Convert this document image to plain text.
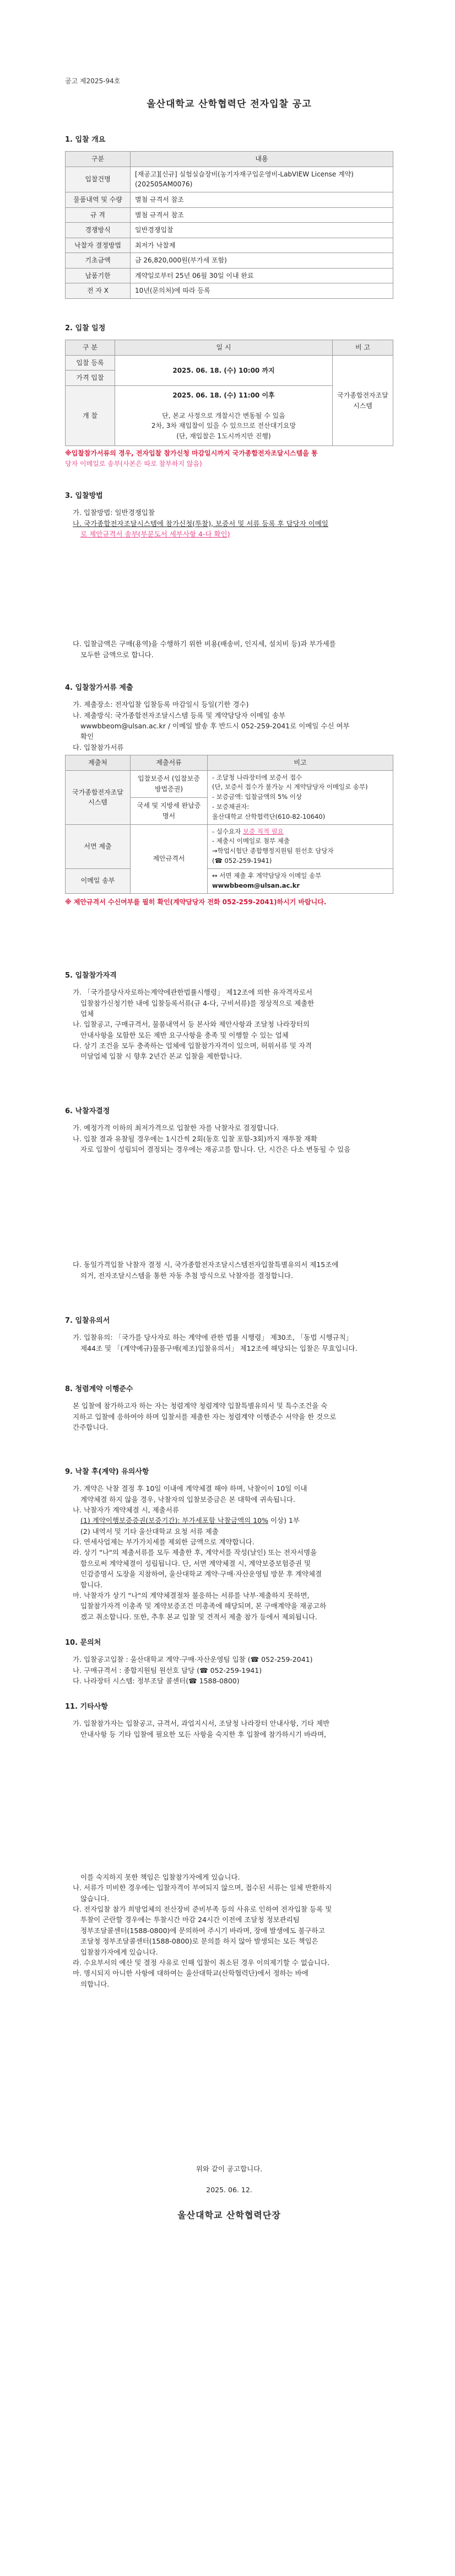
공고 제2025-94호
울산대학교 산학협력단 전자입찰 공고
1. 입찰 개요
구분	내용
입찰건명	[재공고][신규] 실험실습장비(농기자재구입운영비-LabVIEW License 계약)(202505AM0076)
물품내역 및 수량	별첨 규격서 참조
규 격	별첨 규격서 참조
경쟁방식	일반경쟁입찰
낙찰자 결정방법	최저가 낙찰제
기초금액	금 26,820,000원(부가세 포함)
납품기한	계약일로부터 25년 06월 30일 이내 완료
전 자 X	10년(문의처)에 따라 등록
2. 입찰 일정
구 분	일 시	비 고
입찰 등록	2025. 06. 18. (수) 10:00 까지	국가종합전자조달시스템
가격 입찰		
개 찰	2025. 06. 18. (수) 11:00 이후
단, 본교 사정으로 개찰시간 변동될 수 있음
2차, 3차 재입찰이 있을 수 있으므로 전산대기요망
(단, 재입찰은 1도시까지만 진행)	
※입찰참가서류의 경우, 전자입찰 참가신청 마감일시까지 국가종합전자조달시스템을 통
당자 이메일로 송부(사본은 따로 참부하지 않음)
3. 입찰방법
가. 입찰방법: 일반경쟁입찰
나. 국가종합전자조달시스템에 참가신청(투찰), 보증서 및 서류 등록 후 담당자 이메일
로 제안규격서 송부(부분도서 세부사항 4-다 확인)
다. 입찰금액은 구매(용역)을 수행하기 위한 비용(배송비, 인지세, 설치비 등)과 부가세를
모두한 금액으로 합니다.
4. 입찰참가서류 제출
가. 제출장소: 전자입찰 입찰등록 마감일시 등일(기한 경수)
나. 제출방식: 국가종합전자조달시스템 등록 및 계약담당자 이메일 송부
wwwbbeom@ulsan.ac.kr / 이메일 발송 후 반드시 052-259-2041로 이메일 수신 여부
확인
다. 입찰참가서류
제출처	제출서류	비고
국가종합전자조달시스템	입찰보증서 (입찰보증방법증권)	- 조달청 나라장터에 보증서 접수
(단, 보증서 접수가 불가능 시 계약담당자 이메일로 송부)
- 보증금액: 입찰금액의 5% 이상
- 보증채권자:
울산대학교 산학협력단(610-82-10640)

	국세 및 지방세 완납증명서	
서면 제출	제안규격서	- 실수요자 보증 직적 필요
- 제출시 이메일로 첨부 제출
→학업시험단 종합행정지원팀 원선호 담당자
(☎ 052-259-1941)

이메일 송부		↔ 서면 제출 후 계약담당자 이메일 송부
wwwbbeom@ulsan.ac.kr
※ 제안규격서 수신여부를 필히 확인(계약담당자 전화 052-259-2041)하시기 바랍니다.
5. 입찰참가자격
가. 「국가를당사자로하는계약에관한법률시행령」 제12조에 의한 유자격자로서
입찰참가신청기한 내에 입찰등록서류(규 4-다, 구비서류)를 정상적으로 제출한
업체
나. 입찰공고, 구매규격서, 물품내역서 등 본사와 제안사항과 조달청 나라장터의
안내사항을 모함한 모든 제반 요구사항을 충족 및 이행할 수 있는 업체
다. 상기 조건을 모두 충족하는 업체에 입찰참가자격이 있으며, 허위서류 및 자격
미달업체 입찰 시 향후 2년간 본교 입찰을 제한합니다.
6. 낙찰자결정
가. 예정가격 이하의 최저가격으로 입찰한 자를 낙찰자로 결정합니다.
나. 입찰 결과 유찰될 경우에는 1시간씩 2회(동호 입찰 포함-3회)까지 재투찰 재확
자로 입찰이 성립되어 결정되는 경우에는 재공고를 합니다. 단, 시간은 다소 변동될 수 있음
다. 동일가격입찰 낙찰자 결정 시, 국가종합전자조달시스템전자입찰특별유의서 제15조에
의거, 전자조달시스템을 통한 자동 추첨 방식으로 낙찰자를 결정합니다.
7. 입찰유의서
가. 입찰유의: 「국가를 당사자로 하는 계약에 관한 법률 시행령」 제30조, 「동법 시행규칙」
제44조 및 「(계약예규)물품구매(제조)입찰유의서」 제12조에 해당되는 입찰은 무효입니다.
8. 청렴계약 이행준수
본 입찰에 참가하고자 하는 자는 청렴계약 청렴계약 입찰특별유의서 및 특수조건을 숙
지하고 입찰에 응하여야 하며 입찰서를 제출한 자는 청렴계약 이행준수 서약을 한 것으로
간주합니다.
9. 낙찰 후(계약) 유의사항
가. 계약은 낙찰 결정 후 10일 이내에 계약체결 해야 하며, 낙찰이이 10일 이내
계약체결 하지 않을 경우, 낙찰자의 입찰보증금은 본 대학에 귀속됩니다.
나. 낙찰자가 계약체결 시, 제출서류
(1) 계약이행보증증권(보증기간): 부가세포함 낙찰금액의 10% 이상) 1부
(2) 내역서 및 기타 울산대학교 요청 서류 제출
다. 연세사업제는 부가가치세를 제외한 금액으로 계약합니다.
라. 상기 "나"의 제출서류를 모두 제출한 후, 계약서를 작성(날인) 또는 전자서명을
합으로써 계약체결이 성립됩니다. 단, 서면 계약체결 시, 계약보증보험증권 및
인감증명서 도장을 지참하여, 울산대학교 계약·구매·자산운영팀 방문 후 계약체결
합니다.
마. 낙찰자가 상기 "나"의 계약체결절차 불응하는 서류를 낙부·제출하지 못하면,
입찰참가자격 이총족 및 계약보증조건 미총족에 해당되며, 본 구매계약을 재공고하
겠고 취소합니다. 또한, 추후 본교 입찰 및 견적서 제출 참가 등에서 제외됩니다.
10. 문의처
가. 입찰공고입찰 : 울산대학교 계약·구매·자산운영팀 입찰 (☎ 052-259-2041)
나. 구매규격서 : 종합지원팀 원선호 담당 (☎ 052-259-1941)
다. 나라장터 시스템: 정부조달 콜센터(☎ 1588-0800)
11. 기타사항
가. 입찰참가자는 입찰공고, 규격서, 과업지시서, 조달청 나라장터 안내사항, 기타 제반
안내사항 등 기타 입찰에 필요한 모든 사항을 숙지한 후 입찰에 참가하시기 바라며,
이를 숙지하지 못한 책임은 입찰참가자에게 있습니다.
나. 서류가 미비한 경우에는 입찰자격이 부여되지 않으며, 접수된 서류는 일체 반환하지
않습니다.
다. 전자입찰 참가 희망업체의 전산장비 준비부족 등의 사유로 인하여 전자입찰 등록 및
투찰이 곤란할 경우에는 투찰시간 마감 24시간 이전에 조달청 정보관리팀
정부조달콜센터(1588-0800)에 문의하여 주시기 바라며, 장애 발생에도 불구하고
조달청 정부조달콜센터(1588-0800)로 문의를 하지 않아 발생되는 모든 책임은
입찰참가자에게 있습니다.
라. 수요부서의 예산 및 결정 사유로 인해 입찰이 취소된 경우 이의제기할 수 없습니다.
마. 명시되지 아니한 사항에 대하여는 울산대학교(산학협력단)에서 정하는 바에
의합니다.
위와 같이 공고합니다.
2025. 06. 12.
울산대학교 산학협력단장
